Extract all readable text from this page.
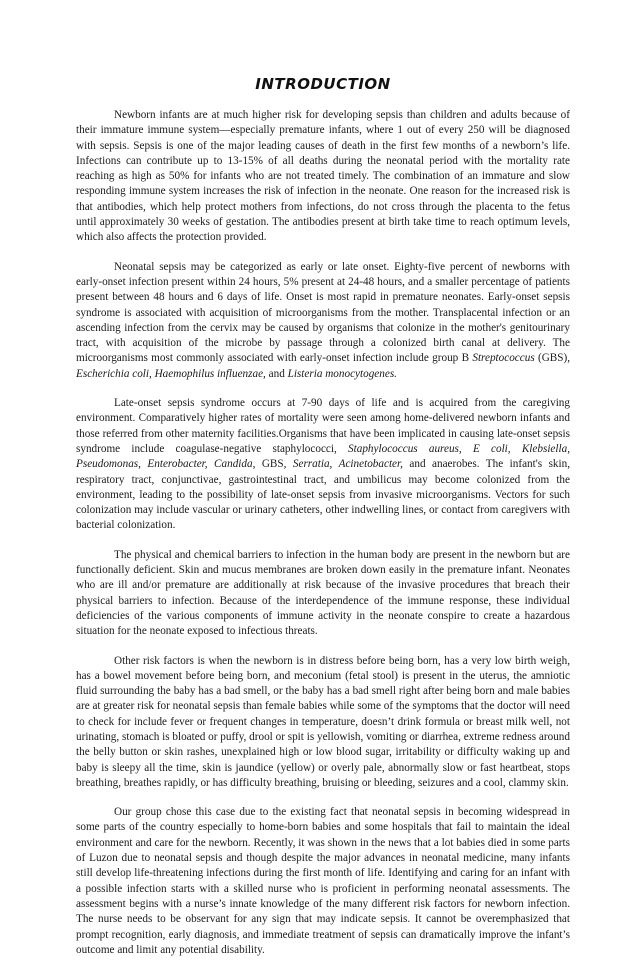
INTRODUCTION

Newborn infants are at much higher risk for developing sepsis than children and adults because of their immature immune system—especially premature infants, where 1 out of every 250 will be diagnosed with sepsis. Sepsis is one of the major leading causes of death in the first few months of a newborn’s life. Infections can contribute up to 13-15% of all deaths during the neonatal period with the mortality rate reaching as high as 50% for infants who are not treated timely. The combination of an immature and slow responding immune system increases the risk of infection in the neonate. One reason for the increased risk is that antibodies, which help protect mothers from infections, do not cross through the placenta to the fetus until approximately 30 weeks of gestation. The antibodies present at birth take time to reach optimum levels, which also affects the protection provided.

Neonatal sepsis may be categorized as early or late onset. Eighty-five percent of newborns with early-onset infection present within 24 hours, 5% present at 24-48 hours, and a smaller percentage of patients present between 48 hours and 6 days of life. Onset is most rapid in premature neonates. Early-onset sepsis syndrome is associated with acquisition of microorganisms from the mother. Transplacental infection or an ascending infection from the cervix may be caused by organisms that colonize in the mother's genitourinary tract, with acquisition of the microbe by passage through a colonized birth canal at delivery. The microorganisms most commonly associated with early-onset infection include group B Streptococcus (GBS), Escherichia coli, Haemophilus influenzae, and Listeria monocytogenes.

Late-onset sepsis syndrome occurs at 7-90 days of life and is acquired from the caregiving environment. Comparatively higher rates of mortality were seen among home-delivered newborn infants and those referred from other maternity facilities.Organisms that have been implicated in causing late-onset sepsis syndrome include coagulase-negative staphylococci, Staphylococcus aureus, E coli, Klebsiella, Pseudomonas, Enterobacter, Candida, GBS, Serratia, Acinetobacter, and anaerobes. The infant's skin, respiratory tract, conjunctivae, gastrointestinal tract, and umbilicus may become colonized from the environment, leading to the possibility of late-onset sepsis from invasive microorganisms. Vectors for such colonization may include vascular or urinary catheters, other indwelling lines, or contact from caregivers with bacterial colonization.

The physical and chemical barriers to infection in the human body are present in the newborn but are functionally deficient. Skin and mucus membranes are broken down easily in the premature infant. Neonates who are ill and/or premature are additionally at risk because of the invasive procedures that breach their physical barriers to infection. Because of the interdependence of the immune response, these individual deficiencies of the various components of immune activity in the neonate conspire to create a hazardous situation for the neonate exposed to infectious threats.

Other risk factors is when the newborn is in distress before being born, has a very low birth weigh, has a bowel movement before being born, and meconium (fetal stool) is present in the uterus, the amniotic fluid surrounding the baby has a bad smell, or the baby has a bad smell right after being born and male babies are at greater risk for neonatal sepsis than female babies while some of the symptoms that the doctor will need to check for include fever or frequent changes in temperature, doesn’t drink formula or breast milk well, not urinating, stomach is bloated or puffy, drool or spit is yellowish, vomiting or diarrhea, extreme redness around the belly button or skin rashes, unexplained high or low blood sugar, irritability or difficulty waking up and baby is sleepy all the time, skin is jaundice (yellow) or overly pale, abnormally slow or fast heartbeat, stops breathing, breathes rapidly, or has difficulty breathing, bruising or bleeding, seizures and a cool, clammy skin.

Our group chose this case due to the existing fact that neonatal sepsis in becoming widespread in some parts of the country especially to home-born babies and some hospitals that fail to maintain the ideal environment and care for the newborn. Recently, it was shown in the news that a lot babies died in some parts of Luzon due to neonatal sepsis and though despite the major advances in neonatal medicine, many infants still develop life-threatening infections during the first month of life. Identifying and caring for an infant with a possible infection starts with a skilled nurse who is proficient in performing neonatal assessments. The assessment begins with a nurse’s innate knowledge of the many different risk factors for newborn infection. The nurse needs to be observant for any sign that may indicate sepsis. It cannot be overemphasized that prompt recognition, early diagnosis, and immediate treatment of sepsis can dramatically improve the infant’s outcome and limit any potential disability.
